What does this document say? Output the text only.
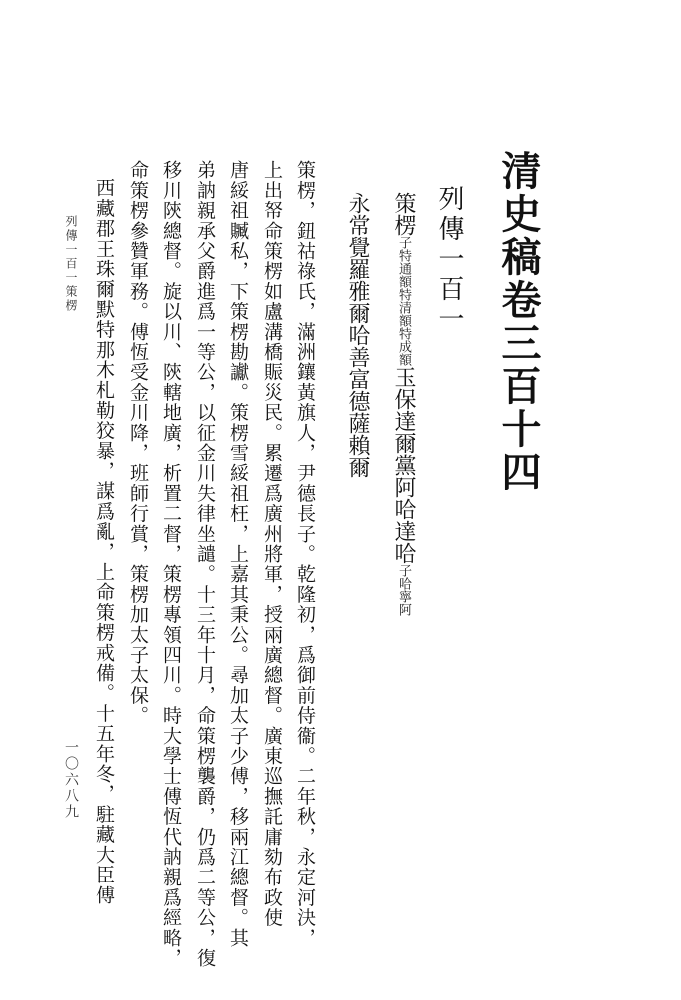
清史稿卷三百十四
列傳一百一
策楞子特通額特清額特成額玉保達爾黨阿哈達哈子哈寧阿
永常覺羅雅爾哈善富德薩賴爾
策楞，鈕祜祿氏，滿洲鑲黃旗人，尹德長子。乾隆初，爲御前侍衞。二年秋，永定河決，
上出帑命策楞如盧溝橋賑災民。累遷爲廣州將軍，授兩廣總督。廣東巡撫託庸劾布政使
唐綏祖贓私，下策楞勘讞。策楞雪綏祖枉，上嘉其秉公。尋加太子少傅，移兩江總督。其
弟訥親承父爵進爲一等公，以征金川失律坐譴。十三年十月，命策楞襲爵，仍爲二等公，復
移川陝總督。旋以川、陝轄地廣，析置二督，策楞專領四川。時大學士傅恆代訥親爲經略，
命策楞參贊軍務。傅恆受金川降，班師行賞，策楞加太子太保。
西藏郡王珠爾默特那木札勒狡暴，謀爲亂，上命策楞戒備。十五年冬，駐藏大臣傅
列傳一百一策楞
一〇六八九
